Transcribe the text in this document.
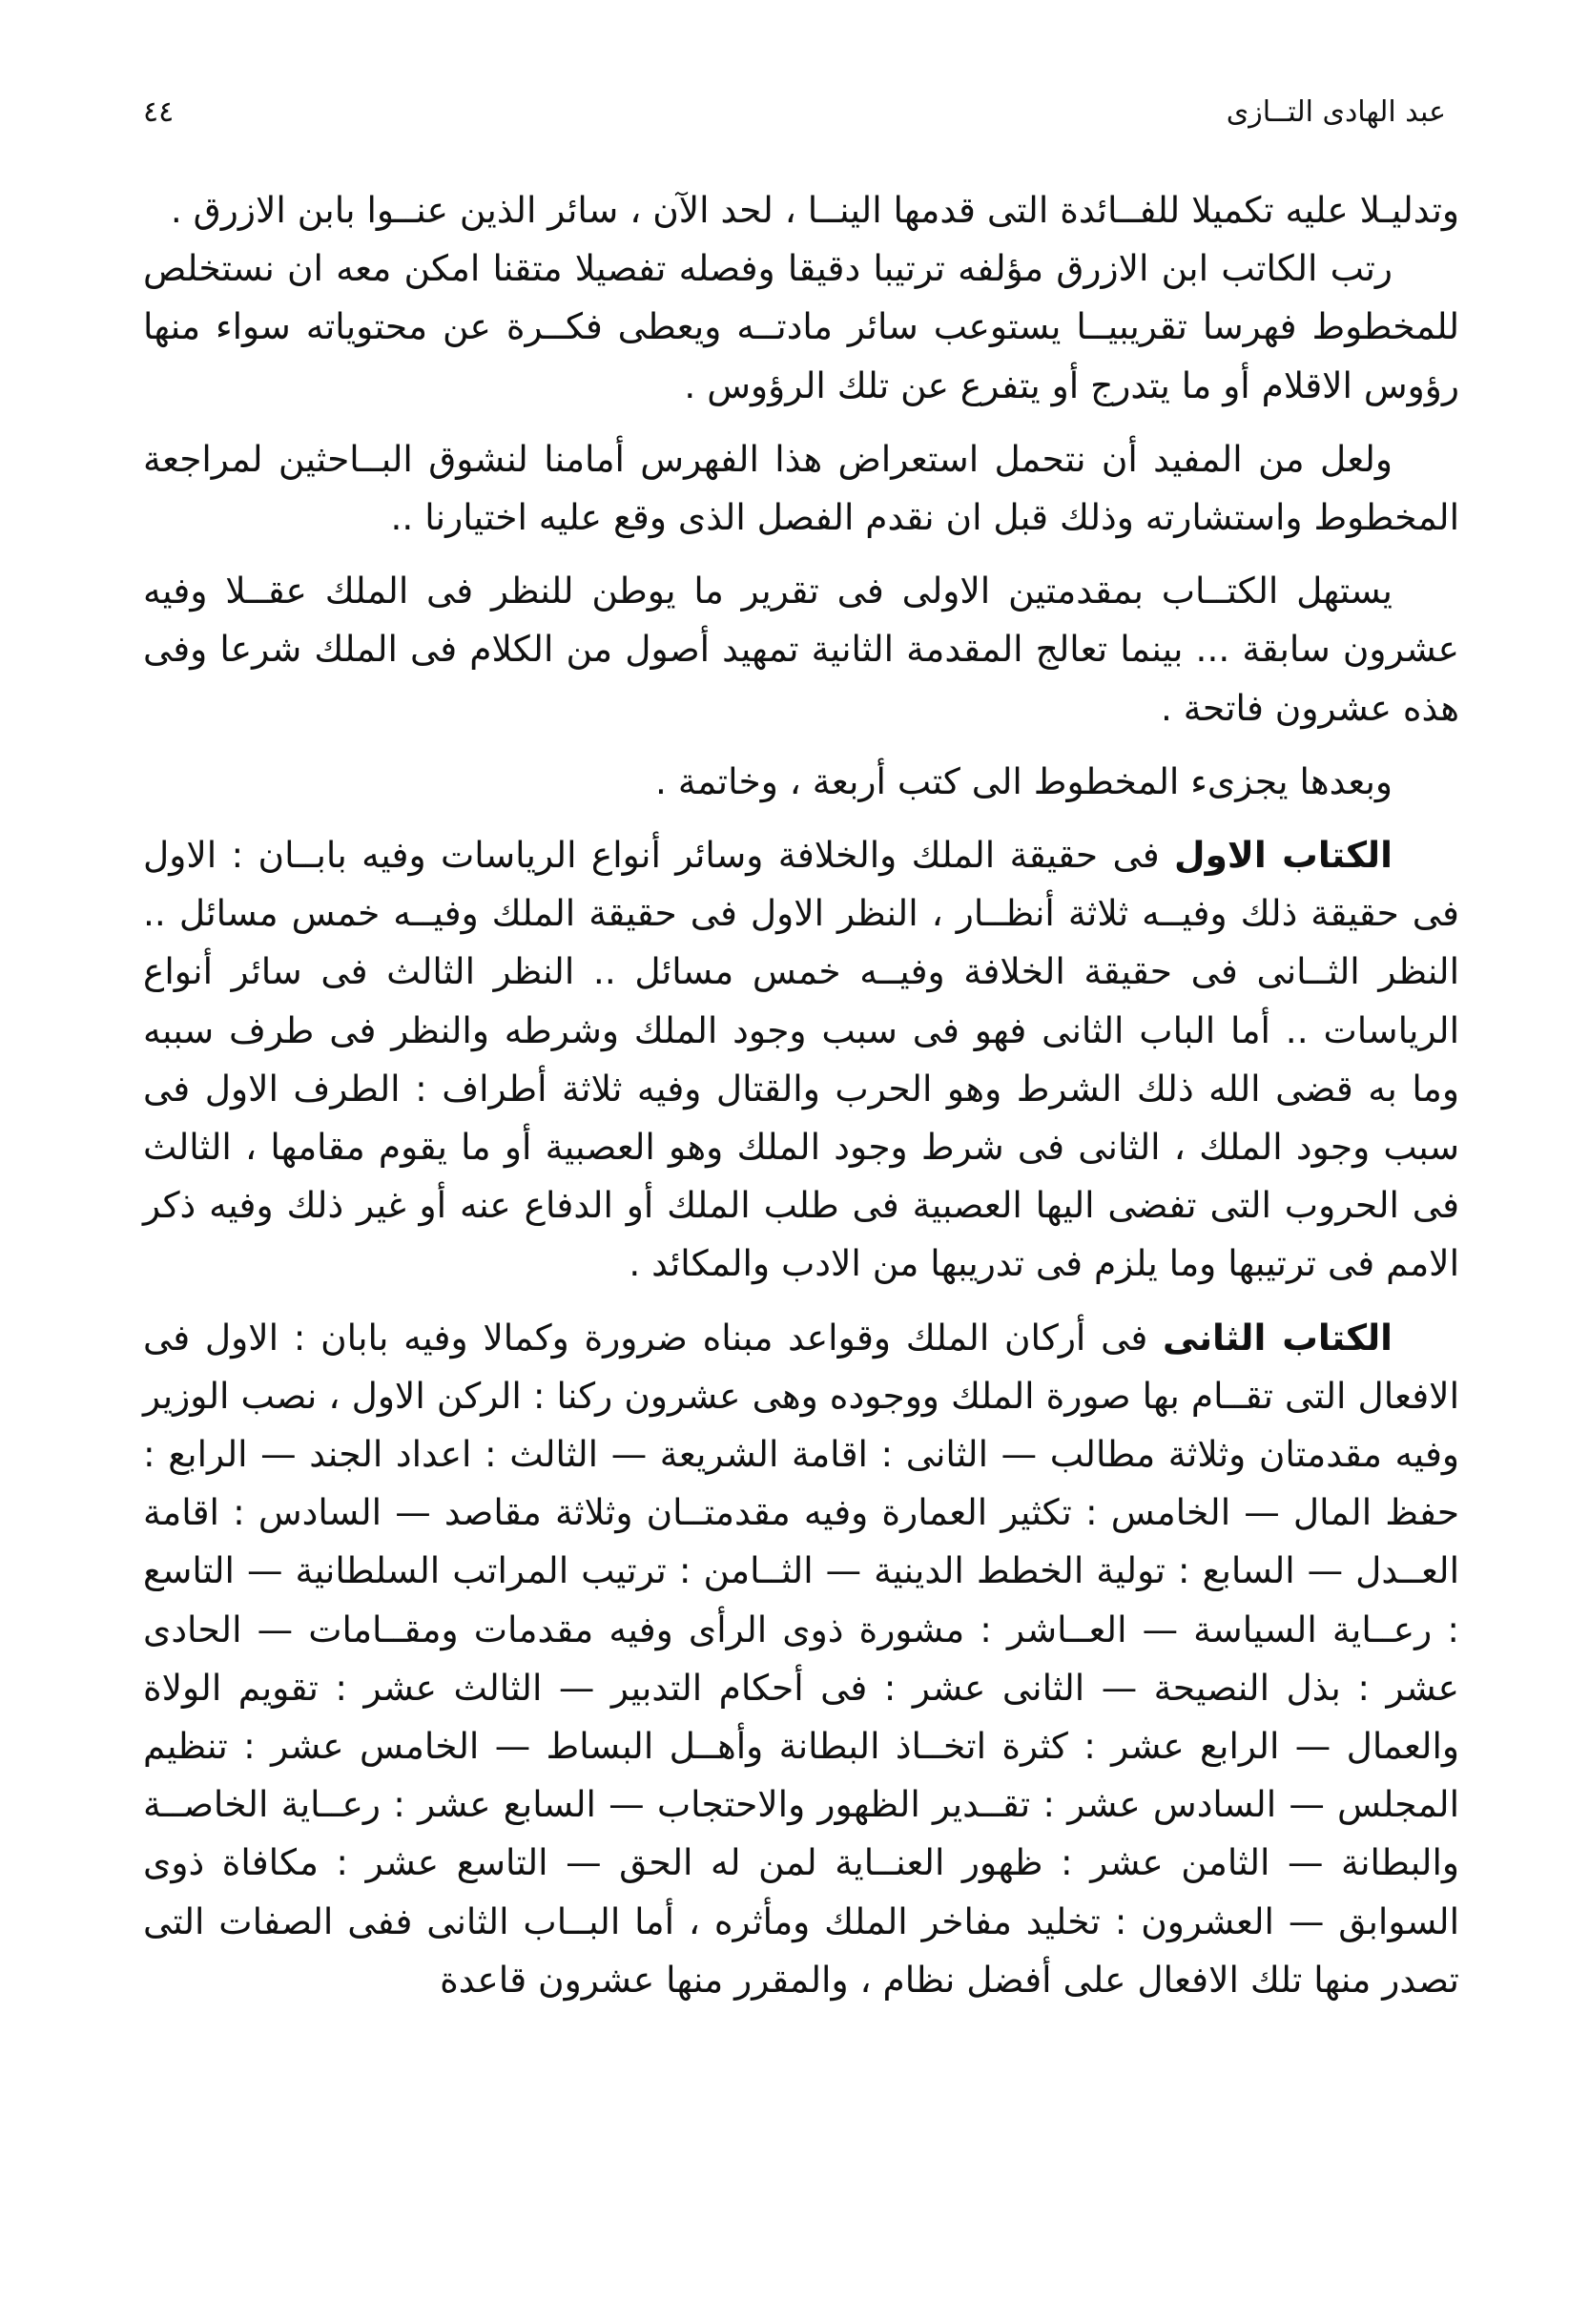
٤٤	عبد الهادى التــازى

وتدليـلا عليه تكميلا للفــائدة التى قدمها الينــا ، لحد الآن ، سائر الذين عنــوا بابن الازرق .

رتب الكاتب ابن الازرق مؤلفه ترتيبا دقيقا وفصله تفصيلا متقنا امكن معه ان نستخلص للمخطوط فهرسا تقريبيــا يستوعب سائر مادتــه ويعطى فكــرة عن محتوياته سواء منها رؤوس الاقلام أو ما يتدرج أو يتفرع عن تلك الرؤوس .

ولعل من المفيد أن نتحمل استعراض هذا الفهرس أمامنا لنشوق البــاحثين لمراجعة المخطوط واستشارته وذلك قبل ان نقدم الفصل الذى وقع عليه اختيارنا ..

يستهل الكتــاب بمقدمتين الاولى فى تقرير ما يوطن للنظر فى الملك عقــلا وفيه عشرون سابقة ... بينما تعالج المقدمة الثانية تمهيد أصول من الكلام فى الملك شرعا وفى هذه عشرون فاتحة .

وبعدها يجزىء المخطوط الى كتب أربعة ، وخاتمة .

الكتاب الاول فى حقيقة الملك والخلافة وسائر أنواع الرياسات وفيه بابــان : الاول فى حقيقة ذلك وفيــه ثلاثة أنظــار ، النظر الاول فى حقيقة الملك وفيــه خمس مسائل .. النظر الثــانى فى حقيقة الخلافة وفيــه خمس مسائل .. النظر الثالث فى سائر أنواع الرياسات .. أما الباب الثانى فهو فى سبب وجود الملك وشرطه والنظر فى طرف سببه وما به قضى الله ذلك الشرط وهو الحرب والقتال وفيه ثلاثة أطراف : الطرف الاول فى سبب وجود الملك ، الثانى فى شرط وجود الملك وهو العصبية أو ما يقوم مقامها ، الثالث فى الحروب التى تفضى اليها العصبية فى طلب الملك أو الدفاع عنه أو غير ذلك وفيه ذكر الامم فى ترتيبها وما يلزم فى تدريبها من الادب والمكائد .

الكتاب الثانى فى أركان الملك وقواعد مبناه ضرورة وكمالا وفيه بابان : الاول فى الافعال التى تقــام بها صورة الملك ووجوده وهى عشرون ركنا : الركن الاول ، نصب الوزير وفيه مقدمتان وثلاثة مطالب — الثانى : اقامة الشريعة — الثالث : اعداد الجند — الرابع : حفظ المال — الخامس : تكثير العمارة وفيه مقدمتــان وثلاثة مقاصد — السادس : اقامة العــدل — السابع : تولية الخطط الدينية — الثــامن : ترتيب المراتب السلطانية — التاسع : رعــاية السياسة — العــاشر : مشورة ذوى الرأى وفيه مقدمات ومقــامات — الحادى عشر : بذل النصيحة — الثانى عشر : فى أحكام التدبير — الثالث عشر : تقويم الولاة والعمال — الرابع عشر : كثرة اتخــاذ البطانة وأهــل البساط — الخامس عشر : تنظيم المجلس — السادس عشر : تقــدير الظهور والاحتجاب — السابع عشر : رعــاية الخاصــة والبطانة — الثامن عشر : ظهور العنــاية لمن له الحق — التاسع عشر : مكافاة ذوى السوابق — العشرون : تخليد مفاخر الملك ومأثره ، أما البــاب الثانى ففى الصفات التى تصدر منها تلك الافعال على أفضل نظام ، والمقرر منها عشرون قاعدة
